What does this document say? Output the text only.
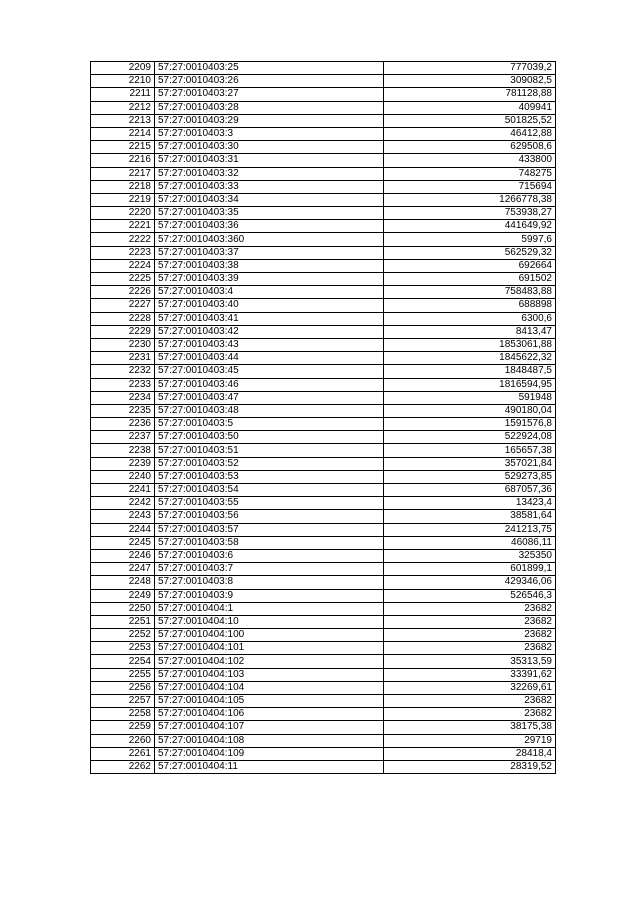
2209	57:27:0010403:25	777039,2
2210	57:27:0010403:26	309082,5
2211	57:27:0010403:27	781128,88
2212	57:27:0010403:28	409941
2213	57:27:0010403:29	501825,52
2214	57:27:0010403:3	46412,88
2215	57:27:0010403:30	629508,6
2216	57:27:0010403:31	433800
2217	57:27:0010403:32	748275
2218	57:27:0010403:33	715694
2219	57:27:0010403:34	1266778,38
2220	57:27:0010403:35	753938,27
2221	57:27:0010403:36	441649,92
2222	57:27:0010403:360	5997,6
2223	57:27:0010403:37	562529,32
2224	57:27:0010403:38	692664
2225	57:27:0010403:39	691502
2226	57:27:0010403:4	758483,88
2227	57:27:0010403:40	688898
2228	57:27:0010403:41	6300,6
2229	57:27:0010403:42	8413,47
2230	57:27:0010403:43	1853061,88
2231	57:27:0010403:44	1845622,32
2232	57:27:0010403:45	1848487,5
2233	57:27:0010403:46	1816594,95
2234	57:27:0010403:47	591948
2235	57:27:0010403:48	490180,04
2236	57:27:0010403:5	1591576,8
2237	57:27:0010403:50	522924,08
2238	57:27:0010403:51	165657,38
2239	57:27:0010403:52	357021,84
2240	57:27:0010403:53	529273,85
2241	57:27:0010403:54	687057,36
2242	57:27:0010403:55	13423,4
2243	57:27:0010403:56	38581,64
2244	57:27:0010403:57	241213,75
2245	57:27:0010403:58	46086,11
2246	57:27:0010403:6	325350
2247	57:27:0010403:7	601899,1
2248	57:27:0010403:8	429346,06
2249	57:27:0010403:9	526546,3
2250	57:27:0010404:1	23682
2251	57:27:0010404:10	23682
2252	57:27:0010404:100	23682
2253	57:27:0010404:101	23682
2254	57:27:0010404:102	35313,59
2255	57:27:0010404:103	33391,62
2256	57:27:0010404:104	32269,61
2257	57:27:0010404:105	23682
2258	57:27:0010404:106	23682
2259	57:27:0010404:107	38175,38
2260	57:27:0010404:108	29719
2261	57:27:0010404:109	28418,4
2262	57:27:0010404:11	28319,52
